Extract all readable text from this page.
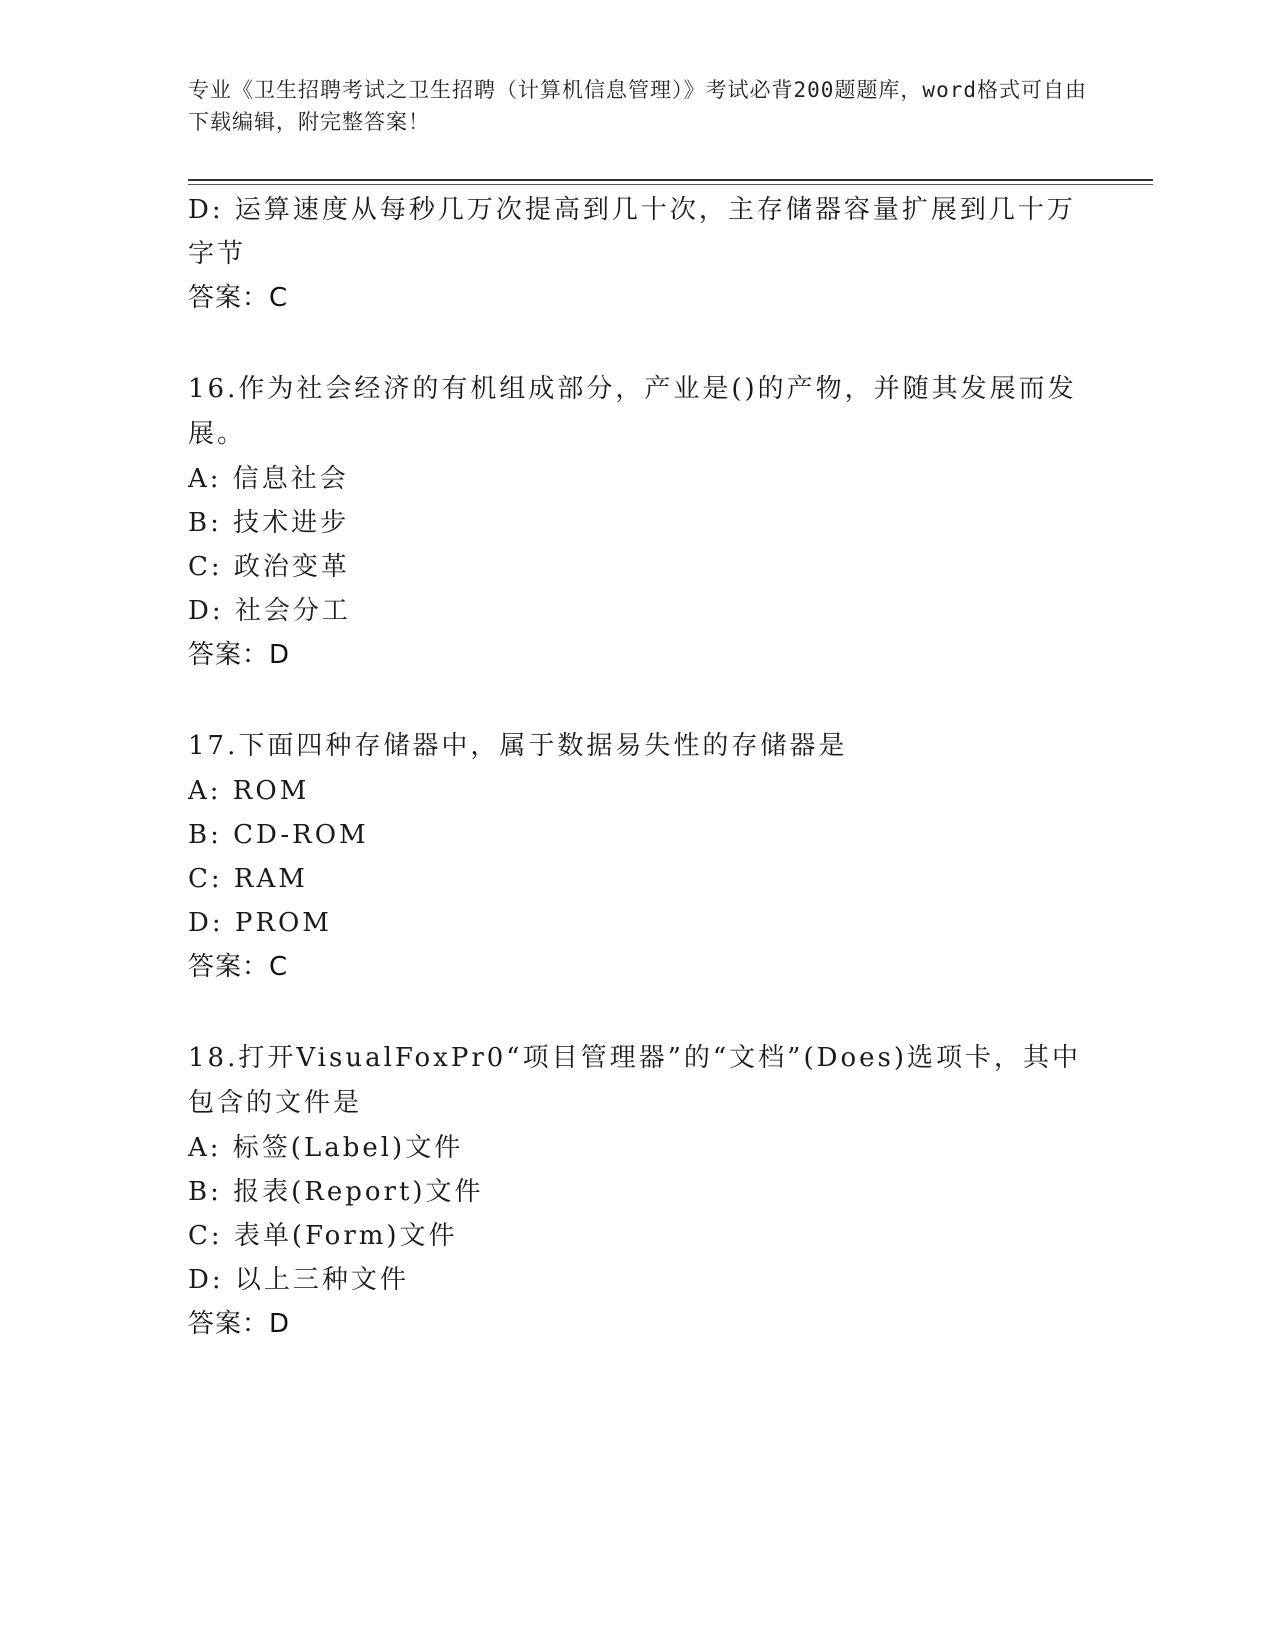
专业《卫生招聘考试之卫生招聘（计算机信息管理）》考试必背200题题库，word格式可自由下载编辑，附完整答案！
D: 运算速度从每秒几万次提高到几十次，主存储器容量扩展到几十万
字节
答案：C
16.作为社会经济的有机组成部分，产业是()的产物，并随其发展而发
展。
A: 信息社会
B: 技术进步
C: 政治变革
D: 社会分工
答案：D
17.下面四种存储器中，属于数据易失性的存储器是
A: ROM
B: CD-ROM
C: RAM
D: PROM
答案：C
18.打开VisualFoxPr0“项目管理器”的“文档”(Does)选项卡，其中
包含的文件是
A: 标签(Label)文件
B: 报表(Report)文件
C: 表单(Form)文件
D: 以上三种文件
答案：D
